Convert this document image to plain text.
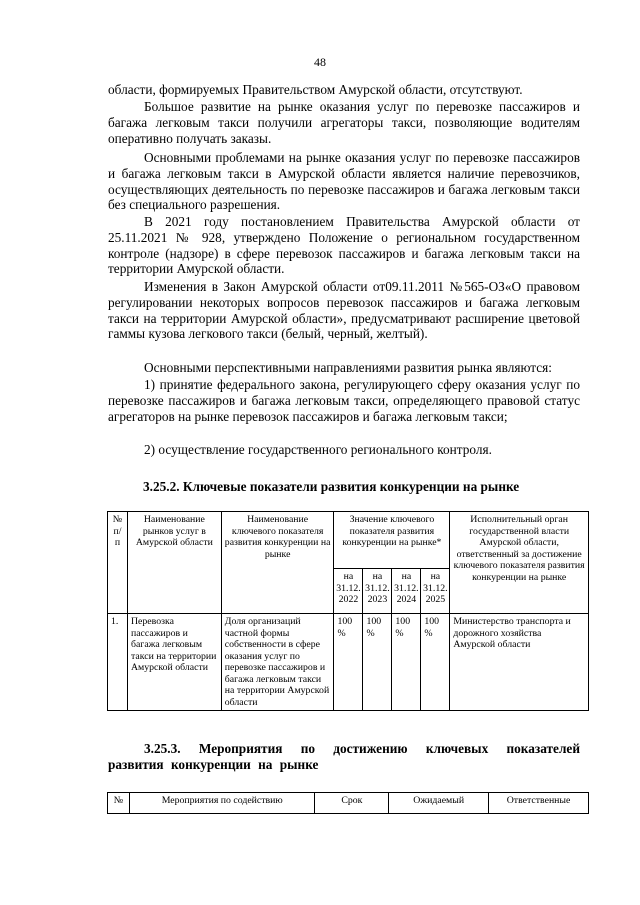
48

области, формируемых Правительством Амурской области, отсутствуют.

Большое развитие на рынке оказания услуг по перевозке пассажиров и багажа легковым такси получили агрегаторы такси, позволяющие водителям оперативно получать заказы.

Основными проблемами на рынке оказания услуг по перевозке пассажиров и багажа легковым такси в Амурской области является наличие перевозчиков, осуществляющих деятельность по перевозке пассажиров и багажа легковым такси без специального разрешения.

В 2021 году постановлением Правительства Амурской области от 25.11.2021 № 928, утверждено Положение о региональном государственном контроле (надзоре) в сфере перевозок пассажиров и багажа легковым такси на территории Амурской области.

Изменения в Закон Амурской области от09.11.2011 №565-ОЗ«О правовом регулировании некоторых вопросов перевозок пассажиров и багажа легковым такси на территории Амурской области», предусматривают расширение цветовой гаммы кузова легкового такси (белый, черный, желтый).

Основными перспективными направлениями развития рынка являются:

1) принятие федерального закона, регулирующего сферу оказания услуг по перевозке пассажиров и багажа легковым такси, определяющего правовой статус агрегаторов на рынке перевозок пассажиров и багажа легковым такси;

2) осуществление государственного регионального контроля.

3.25.2. Ключевые показатели развития конкуренции на рынке
№ п/п	Наименование рынков услуг в Амурской области	Наименование ключевого показателя развития конкуренции на рынке	Значение ключевого показателя развития конкуренции на рынке*				Исполнительный орган государственной власти Амурской области, ответственный за достижение ключевого показателя развития конкуренции на рынке
			на 31.12. 2022	на 31.12. 2023	на 31.12. 2024	на 31.12. 2025	
1.	Перевозка пассажиров и багажа легковым такси на территории Амурской области	Доля организаций частной формы собственности в сфере оказания услуг по перевозке пассажиров и багажа легковым такси на территории Амурской области	100 %	100 %	100 %	100 %	Министерство транспорта и дорожного хозяйства Амурской области
3.25.3. Мероприятия по достижению ключевых показателей развития конкуренции на рынке
№	Мероприятия по содействию	Срок	Ожидаемый	Ответственные
